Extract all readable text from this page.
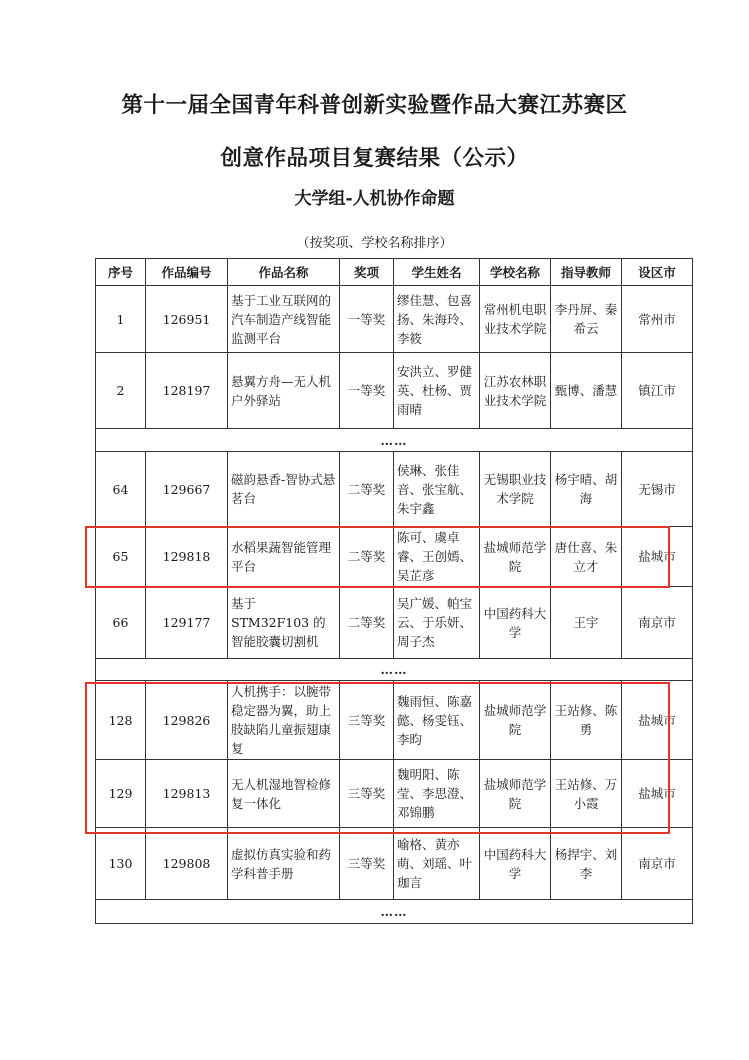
第十一届全国青年科普创新实验暨作品大赛江苏赛区
创意作品项目复赛结果（公示）
大学组-人机协作命题
（按奖项、学校名称排序）
序号	作品编号	作品名称	奖项	学生姓名	学校名称	指导教师	设区市
1	126951	基于工业互联网的汽车制造产线智能监测平台	一等奖	缪佳慧、包喜扬、朱海玲、李筱	常州机电职业技术学院	李丹屏、秦希云	常州市
2	128197	悬翼方舟—无人机户外驿站	一等奖	安洪立、罗健英、杜杨、贾雨晴	江苏农林职业技术学院	甄博、潘慧	镇江市
……							
64	129667	磁韵悬香-智协式悬茗台	二等奖	侯琳、张佳音、张宝航、朱宇鑫	无锡职业技术学院	杨宇晴、胡海	无锡市
65	129818	水稻果蔬智能管理平台	二等奖	陈可、虞卓睿、王创嫣、吴芷彦	盐城师范学院	唐仕喜、朱立才	盐城市
66	129177	基于 STM32F103 的智能胶囊切割机	二等奖	吴广媛、帕宝云、于乐妍、周子杰	中国药科大学	王宇	南京市
……							
128	129826	人机携手：以腕带稳定器为翼，助上肢缺陷儿童振翅康复	三等奖	魏雨恒、陈嘉懿、杨雯钰、李昀	盐城师范学院	王站修、陈勇	盐城市
129	129813	无人机湿地智检修复一体化	三等奖	魏明阳、陈莹、李思澄、邓锦鹏	盐城师范学院	王站修、万小霞	盐城市
130	129808	虚拟仿真实验和药学科普手册	三等奖	喻格、黄亦萌、刘瑶、叶珈言	中国药科大学	杨捍宇、刘李	南京市
……							
